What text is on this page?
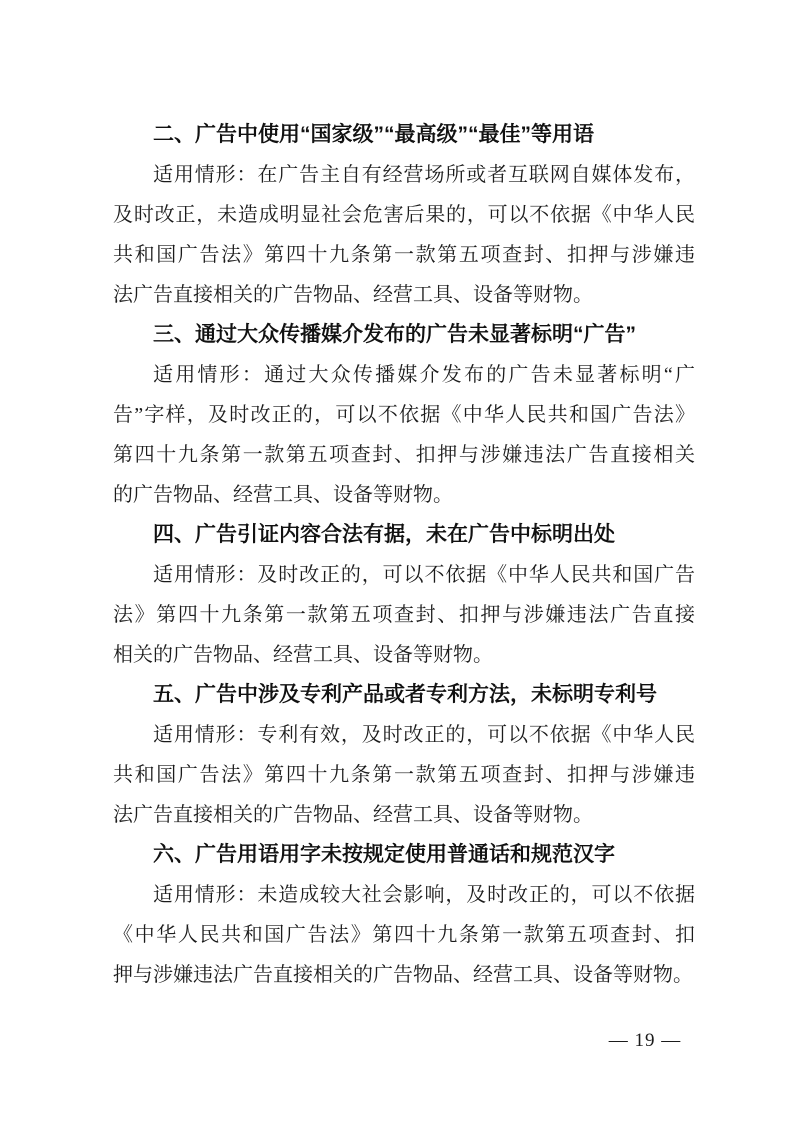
二、广告中使用“国家级”“最高级”“最佳”等用语
适用情形：在广告主自有经营场所或者互联网自媒体发布，
及时改正，未造成明显社会危害后果的，可以不依据《中华人民
共和国广告法》第四十九条第一款第五项查封、扣押与涉嫌违
法广告直接相关的广告物品、经营工具、设备等财物。
三、通过大众传播媒介发布的广告未显著标明“广告”
适用情形：通过大众传播媒介发布的广告未显著标明“广
告”字样，及时改正的，可以不依据《中华人民共和国广告法》
第四十九条第一款第五项查封、扣押与涉嫌违法广告直接相关
的广告物品、经营工具、设备等财物。
四、广告引证内容合法有据，未在广告中标明出处
适用情形：及时改正的，可以不依据《中华人民共和国广告
法》第四十九条第一款第五项查封、扣押与涉嫌违法广告直接
相关的广告物品、经营工具、设备等财物。
五、广告中涉及专利产品或者专利方法，未标明专利号
适用情形：专利有效，及时改正的，可以不依据《中华人民
共和国广告法》第四十九条第一款第五项查封、扣押与涉嫌违
法广告直接相关的广告物品、经营工具、设备等财物。
六、广告用语用字未按规定使用普通话和规范汉字
适用情形：未造成较大社会影响，及时改正的，可以不依据
《中华人民共和国广告法》第四十九条第一款第五项查封、扣
押与涉嫌违法广告直接相关的广告物品、经营工具、设备等财物。
— 19 —
